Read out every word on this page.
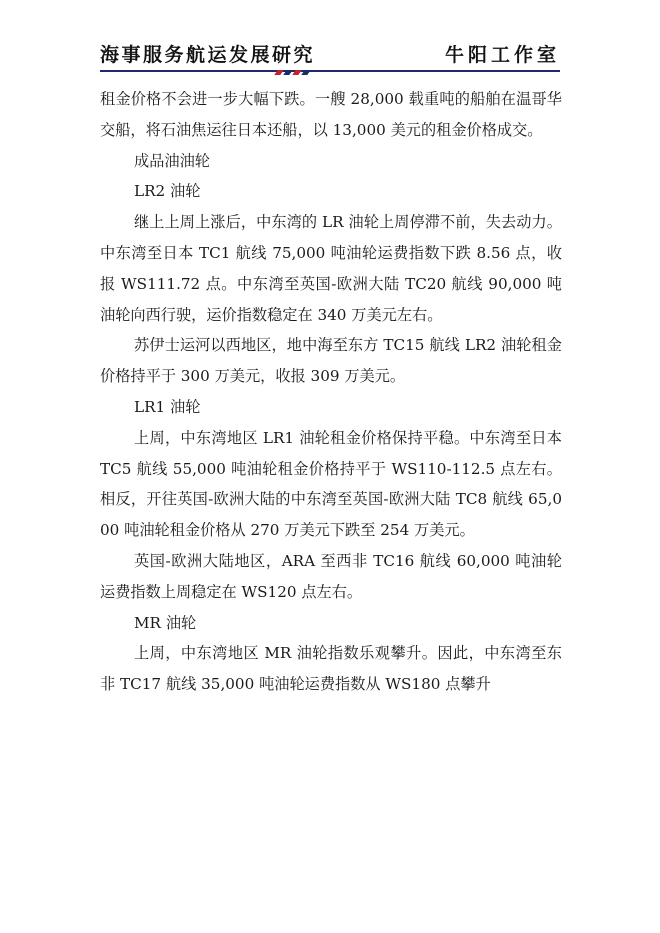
海事服务航运发展研究	牛阳工作室

租金价格不会进一步大幅下跌。一艘 28,000 载重吨的船舶在温哥华交船，将石油焦运往日本还船，以 13,000 美元的租金价格成交。

成品油油轮

LR2 油轮

继上上周上涨后，中东湾的 LR 油轮上周停滞不前，失去动力。中东湾至日本 TC1 航线 75,000 吨油轮运费指数下跌 8.56 点，收报 WS111.72 点。中东湾至英国-欧洲大陆 TC20 航线 90,000 吨油轮向西行驶，运价指数稳定在 340 万美元左右。

苏伊士运河以西地区，地中海至东方 TC15 航线 LR2 油轮租金价格持平于 300 万美元，收报 309 万美元。

LR1 油轮

上周，中东湾地区 LR1 油轮租金价格保持平稳。中东湾至日本 TC5 航线 55,000 吨油轮租金价格持平于 WS110-112.5 点左右。相反，开往英国-欧洲大陆的中东湾至英国-欧洲大陆 TC8 航线 65,000 吨油轮租金价格从 270 万美元下跌至 254 万美元。

英国-欧洲大陆地区，ARA 至西非 TC16 航线 60,000 吨油轮运费指数上周稳定在 WS120 点左右。

MR 油轮

上周，中东湾地区 MR 油轮指数乐观攀升。因此，中东湾至东非 TC17 航线 35,000 吨油轮运费指数从 WS180 点攀升
